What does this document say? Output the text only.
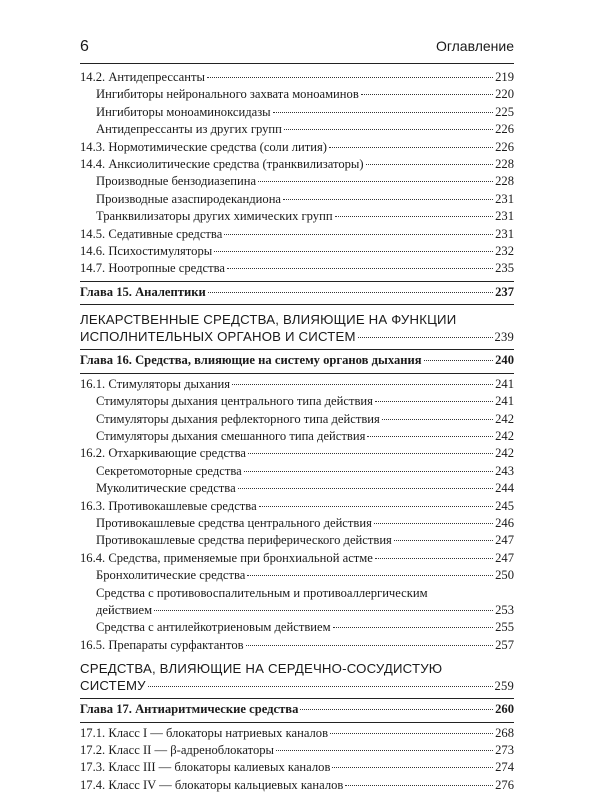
6	Оглавление
14.2. Антидепрессанты	219
Ингибиторы нейронального захвата моноаминов	220
Ингибиторы моноаминоксидазы	225
Антидепрессанты из других групп	226
14.3. Нормотимические средства (соли лития)	226
14.4. Анксиолитические средства (транквилизаторы)	228
Производные бензодиазепина	228
Производные азаспиродекандиона	231
Транквилизаторы других химических групп	231
14.5. Седативные средства	231
14.6. Психостимуляторы	232
14.7. Ноотропные средства	235
Глава 15. Аналептики	237
ЛЕКАРСТВЕННЫЕ СРЕДСТВА, ВЛИЯЮЩИЕ НА ФУНКЦИИ
ИСПОЛНИТЕЛЬНЫХ ОРГАНОВ И СИСТЕМ	239
Глава 16. Средства, влияющие на систему органов дыхания	240
16.1. Стимуляторы дыхания	241
Стимуляторы дыхания центрального типа действия	241
Стимуляторы дыхания рефлекторного типа действия	242
Стимуляторы дыхания смешанного типа действия	242
16.2. Отхаркивающие средства	242
Секретомоторные средства	243
Муколитические средства	244
16.3. Противокашлевые средства	245
Противокашлевые средства центрального действия	246
Противокашлевые средства периферического действия	247
16.4. Средства, применяемые при бронхиальной астме	247
Бронхолитические средства	250
Средства с противовоспалительным и противоаллергическим
действием	253
Средства с антилейкотриеновым действием	255
16.5. Препараты сурфактантов	257
СРЕДСТВА, ВЛИЯЮЩИЕ НА СЕРДЕЧНО-СОСУДИСТУЮ
СИСТЕМУ	259
Глава 17. Антиаритмические средства	260
17.1. Класс I — блокаторы натриевых каналов	268
17.2. Класс II — β-адреноблокаторы	273
17.3. Класс III — блокаторы калиевых каналов	274
17.4. Класс IV — блокаторы кальциевых каналов	276
